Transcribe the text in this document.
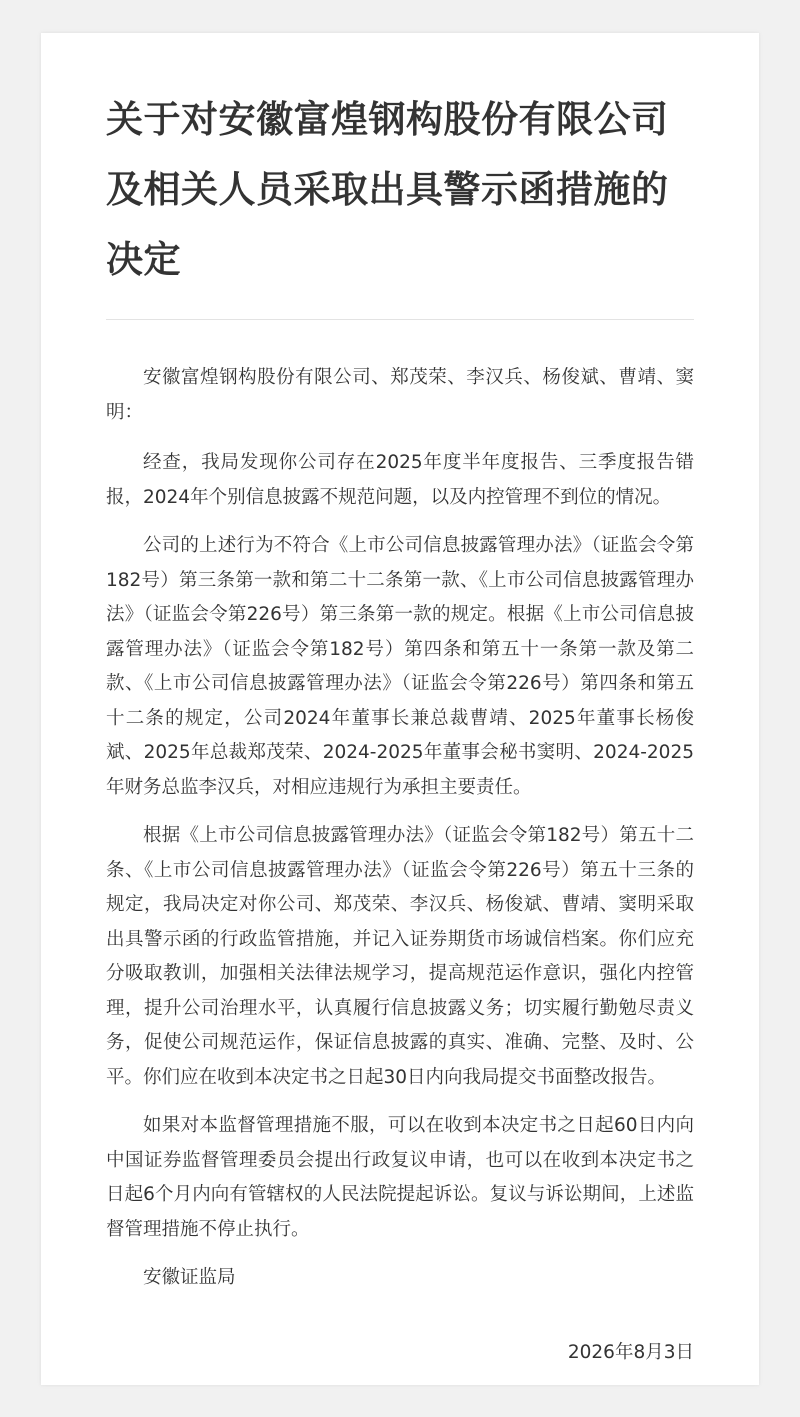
关于对安徽富煌钢构股份有限公司及相关人员采取出具警示函措施的决定

安徽富煌钢构股份有限公司、郑茂荣、李汉兵、杨俊斌、曹靖、窦明：

经查，我局发现你公司存在2025年度半年度报告、三季度报告错报，2024年个别信息披露不规范问题，以及内控管理不到位的情况。

公司的上述行为不符合《上市公司信息披露管理办法》（证监会令第182号）第三条第一款和第二十二条第一款、《上市公司信息披露管理办法》（证监会令第226号）第三条第一款的规定。根据《上市公司信息披露管理办法》（证监会令第182号）第四条和第五十一条第一款及第二款、《上市公司信息披露管理办法》（证监会令第226号）第四条和第五十二条的规定，公司2024年董事长兼总裁曹靖、2025年董事长杨俊斌、2025年总裁郑茂荣、2024-2025年董事会秘书窦明、2024-2025年财务总监李汉兵，对相应违规行为承担主要责任。

根据《上市公司信息披露管理办法》（证监会令第182号）第五十二条、《上市公司信息披露管理办法》（证监会令第226号）第五十三条的规定，我局决定对你公司、郑茂荣、李汉兵、杨俊斌、曹靖、窦明采取出具警示函的行政监管措施，并记入证券期货市场诚信档案。你们应充分吸取教训，加强相关法律法规学习，提高规范运作意识，强化内控管理，提升公司治理水平，认真履行信息披露义务；切实履行勤勉尽责义务，促使公司规范运作，保证信息披露的真实、准确、完整、及时、公平。你们应在收到本决定书之日起30日内向我局提交书面整改报告。

如果对本监督管理措施不服，可以在收到本决定书之日起60日内向中国证券监督管理委员会提出行政复议申请，也可以在收到本决定书之日起6个月内向有管辖权的人民法院提起诉讼。复议与诉讼期间，上述监督管理措施不停止执行。

安徽证监局

2026年8月3日
